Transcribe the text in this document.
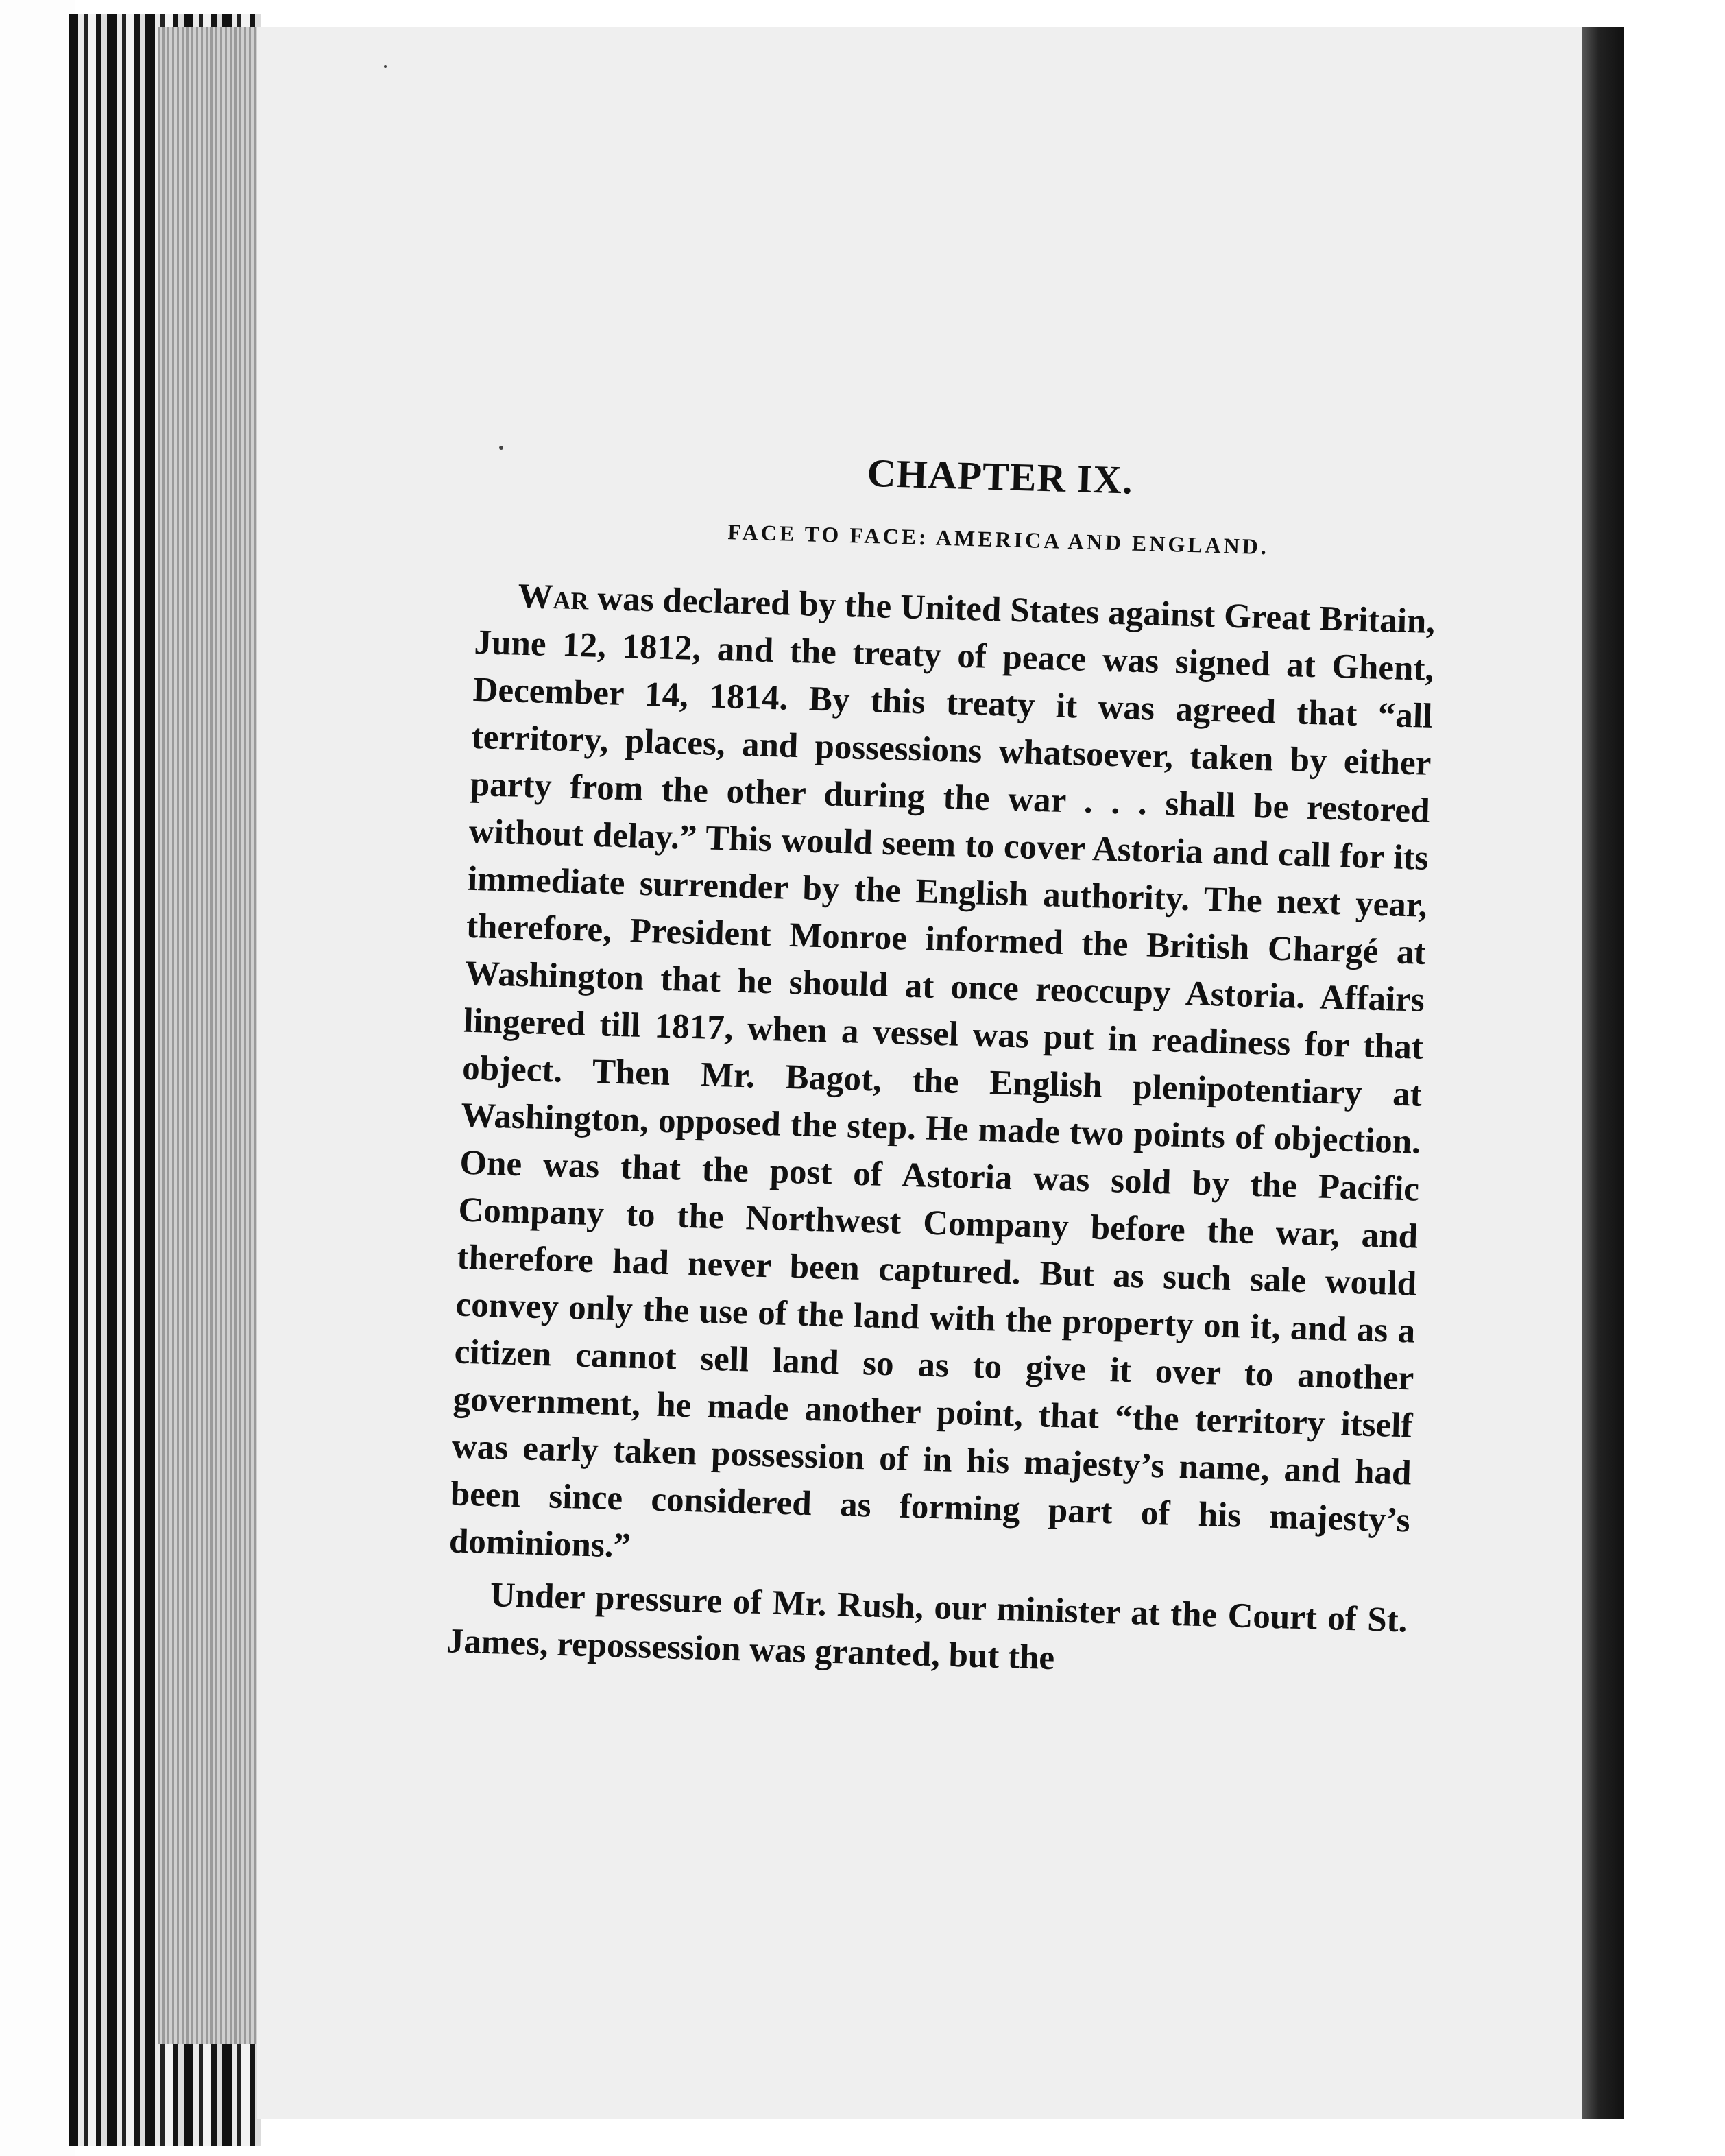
CHAPTER IX.
FACE TO FACE: AMERICA AND ENGLAND.

War was declared by the United States against Great Britain, June 12, 1812, and the treaty of peace was signed at Ghent, December 14, 1814. By this treaty it was agreed that “all territory, places, and possessions whatsoever, taken by either party from the other during the war . . . shall be restored without delay.” This would seem to cover Astoria and call for its immediate surrender by the English authority. The next year, therefore, President Monroe informed the British Chargé at Washington that he should at once reoccupy Astoria. Affairs lingered till 1817, when a vessel was put in readiness for that object. Then Mr. Bagot, the English plenipotentiary at Washington, opposed the step. He made two points of objection. One was that the post of Astoria was sold by the Pacific Company to the Northwest Company before the war, and therefore had never been captured. But as such sale would convey only the use of the land with the property on it, and as a citizen cannot sell land so as to give it over to another government, he made another point, that “the territory itself was early taken possession of in his majesty’s name, and had been since considered as forming part of his majesty’s dominions.”

Under pressure of Mr. Rush, our minister at the Court of St. James, repossession was granted, but the
